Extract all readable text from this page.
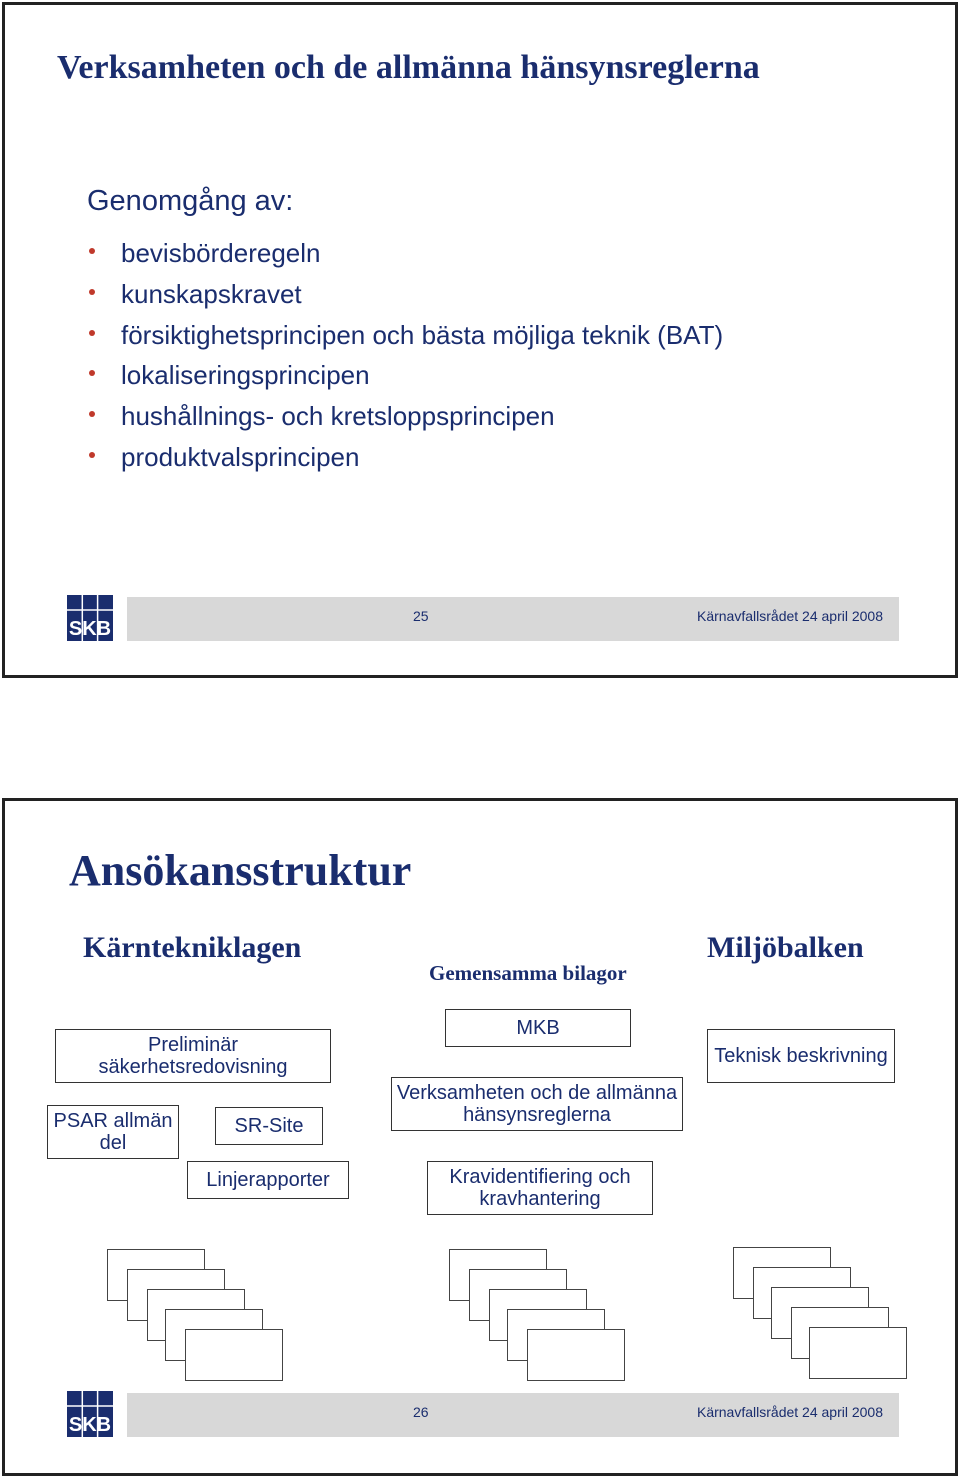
Verksamheten och de allmänna hänsynsreglerna
Genomgång av:
bevisbörderegeln
kunskapskravet
försiktighetsprincipen och bästa möjliga teknik (BAT)
lokaliseringsprincipen
hushållnings- och kretsloppsprincipen
produktvalsprincipen
SKB
25	Kärnavfallsrådet 24 april 2008
Ansökansstruktur
Kärntekniklagen
Gemensamma bilagor
Miljöbalken
Preliminär säkerhetsredovisning
PSAR allmän del
SR-Site
Linjerapporter
MKB
Verksamheten och de allmänna hänsynsreglerna
Kravidentifiering och kravhantering
Teknisk beskrivning
SKB
26	Kärnavfallsrådet 24 april 2008
